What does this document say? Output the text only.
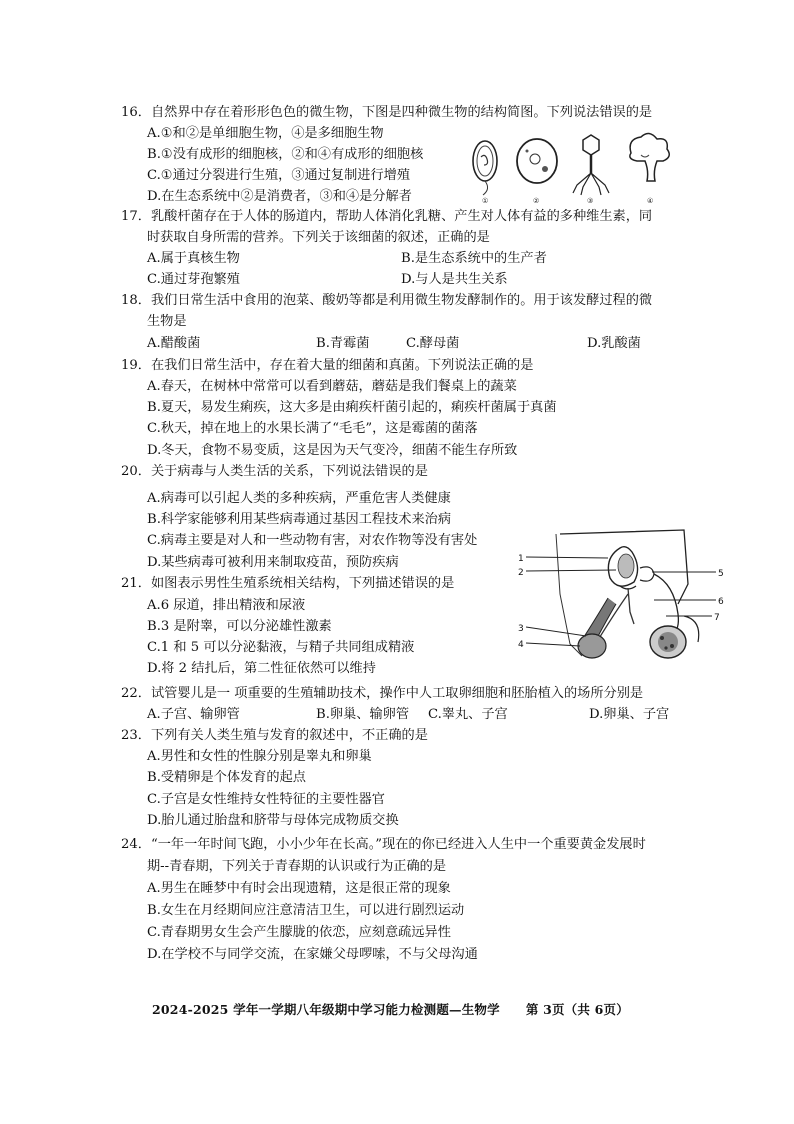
16．自然界中存在着形形色色的微生物，下图是四种微生物的结构简图。下列说法错误的是
A.①和②是单细胞生物，④是多细胞生物
B.①没有成形的细胞核，②和④有成形的细胞核
C.①通过分裂进行生殖，③通过复制进行增殖
D.在生态系统中②是消费者，③和④是分解者	①	②	③	④
17．乳酸杆菌存在于人体的肠道内，帮助人体消化乳糖、产生对人体有益的多种维生素，同
时获取自身所需的营养。下列关于该细菌的叙述，正确的是
A.属于真核生物	B.是生态系统中的生产者
C.通过芽孢繁殖	D.与人是共生关系
18．我们日常生活中食用的泡菜、酸奶等都是利用微生物发酵制作的。用于该发酵过程的微
生物是
A.醋酸菌	B.青霉菌	C.酵母菌	D.乳酸菌
19．在我们日常生活中，存在着大量的细菌和真菌。下列说法正确的是
A.春天，在树林中常常可以看到蘑菇，蘑菇是我们餐桌上的蔬菜
B.夏天，易发生痢疾，这大多是由痢疾杆菌引起的，痢疾杆菌属于真菌
C.秋天，掉在地上的水果长满了“毛毛”，这是霉菌的菌落
D.冬天，食物不易变质，这是因为天气变冷，细菌不能生存所致
20．关于病毒与人类生活的关系，下列说法错误的是
A.病毒可以引起人类的多种疾病，严重危害人类健康
B.科学家能够利用某些病毒通过基因工程技术来治病
C.病毒主要是对人和一些动物有害，对农作物等没有害处
D.某些病毒可被利用来制取疫苗，预防疾病	1
2
3
4
5
6
7
21．如图表示男性生殖系统相关结构，下列描述错误的是
A.6 尿道，排出精液和尿液
B.3 是附睾，可以分泌雄性激素
C.1 和 5 可以分泌黏液，与精子共同组成精液
D.将 2 结扎后，第二性征依然可以维持
22．试管婴儿是一 项重要的生殖辅助技术，操作中人工取卵细胞和胚胎植入的场所分别是
A.子宫、输卵管	B.卵巢、输卵管 C.睾丸、子宫	D.卵巢、子宫
23．下列有关人类生殖与发育的叙述中，不正确的是
A.男性和女性的性腺分别是睾丸和卵巢
B.受精卵是个体发育的起点
C.子宫是女性维持女性特征的主要性器官
D.胎儿通过胎盘和脐带与母体完成物质交换
24．“一年一年时间飞跑，小小少年在长高。”现在的你已经进入人生中一个重要黄金发展时
期--青春期，下列关于青春期的认识或行为正确的是
A.男生在睡梦中有时会出现遗精，这是很正常的现象
B.女生在月经期间应注意清洁卫生，可以进行剧烈运动
C.青春期男女生会产生朦胧的依恋，应刻意疏远异性
D.在学校不与同学交流，在家嫌父母啰嗦，不与父母沟通
2024-2025 学年一学期八年级期中学习能力检测题—生物学 第 3页（共 6页）
